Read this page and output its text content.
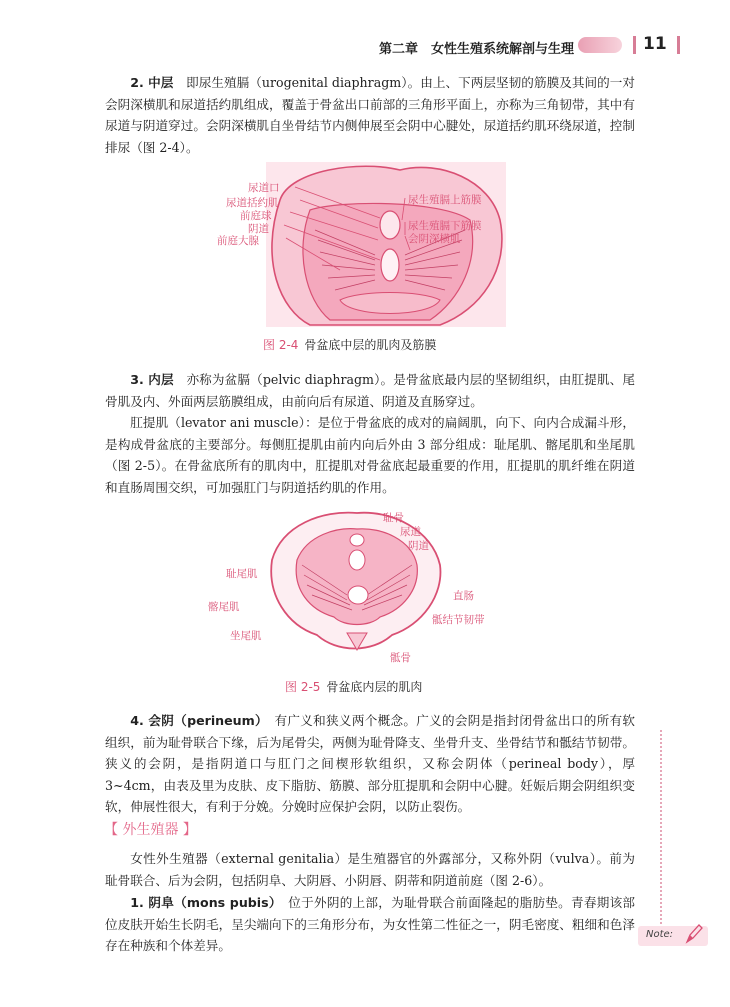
第二章　女性生殖系统解剖与生理	11

2. 中层　即尿生殖膈（urogenital diaphragm）。由上、下两层坚韧的筋膜及其间的一对会阴深横肌和尿道括约肌组成，覆盖于骨盆出口前部的三角形平面上，亦称为三角韧带，其中有尿道与阴道穿过。会阴深横肌自坐骨结节内侧伸展至会阴中心腱处，尿道括约肌环绕尿道，控制排尿（图 2-4）。

尿道口
尿道括约肌
前庭球
阴道
前庭大腺
尿生殖膈上筋膜
尿生殖膈下筋膜
会阴深横肌
图 2-4 骨盆底中层的肌肉及筋膜

3. 内层　亦称为盆膈（pelvic diaphragm）。是骨盆底最内层的坚韧组织，由肛提肌、尾骨肌及内、外面两层筋膜组成，由前向后有尿道、阴道及直肠穿过。

肛提肌（levator ani muscle）：是位于骨盆底的成对的扁阔肌，向下、向内合成漏斗形，是构成骨盆底的主要部分。每侧肛提肌由前内向后外由 3 部分组成：耻尾肌、髂尾肌和坐尾肌（图 2-5）。在骨盆底所有的肌肉中，肛提肌对骨盆底起最重要的作用，肛提肌的肌纤维在阴道和直肠周围交织，可加强肛门与阴道括约肌的作用。

耻骨
尿道
阴道
直肠
骶结节韧带
骶骨
耻尾肌
髂尾肌
坐尾肌
图 2-5 骨盆底内层的肌肉

4. 会阴（perineum）　有广义和狭义两个概念。广义的会阴是指封闭骨盆出口的所有软组织，前为耻骨联合下缘，后为尾骨尖，两侧为耻骨降支、坐骨升支、坐骨结节和骶结节韧带。狭义的会阴，是指阴道口与肛门之间楔形软组织，又称会阴体（perineal body），厚 3~4cm，由表及里为皮肤、皮下脂肪、筋膜、部分肛提肌和会阴中心腱。妊娠后期会阴组织变软，伸展性很大，有利于分娩。分娩时应保护会阴，以防止裂伤。

【 外生殖器 】

女性外生殖器（external genitalia）是生殖器官的外露部分，又称外阴（vulva）。前为耻骨联合、后为会阴，包括阴阜、大阴唇、小阴唇、阴蒂和阴道前庭（图 2-6）。

1. 阴阜（mons pubis）　位于外阴的上部，为耻骨联合前面隆起的脂肪垫。青春期该部位皮肤开始生长阴毛，呈尖端向下的三角形分布，为女性第二性征之一，阴毛密度、粗细和色泽存在种族和个体差异。

Note:
